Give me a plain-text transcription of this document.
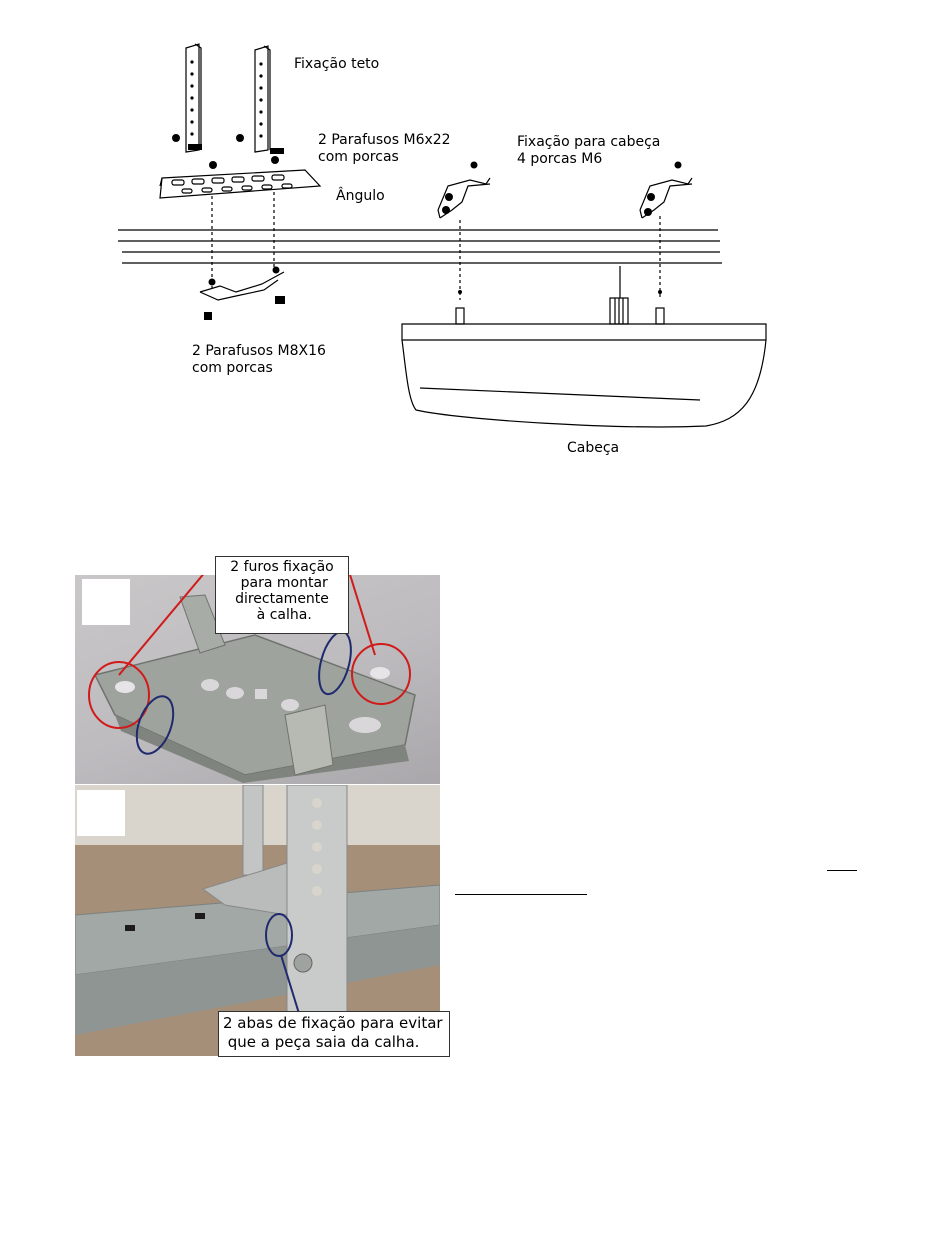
Fixação teto
2 Parafusos M6x22
com porcas
Fixação para cabeça
4 porcas M6
Ângulo
2 Parafusos M8X16
com porcas
Cabeça
2 furos fixação
para montar
directamente
à calha.
2 abas de fixação para evitar
que a peça saia da calha.
